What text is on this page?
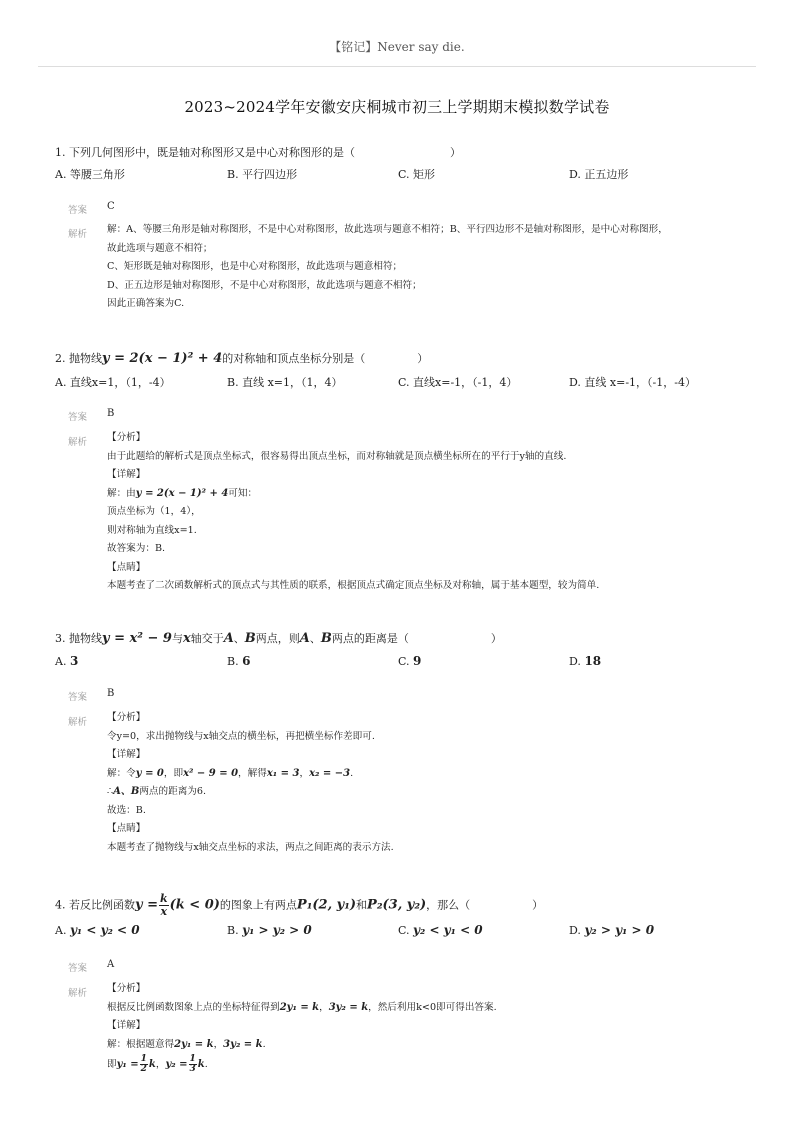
【铭记】Never say die.
2023~2024学年安徽安庆桐城市初三上学期期末模拟数学试卷
1. 下列几何图形中，既是轴对称图形又是中心对称图形的是（	）
A. 等腰三角形	B. 平行四边形	C. 矩形	D. 正五边形
答案 C
解析 解：A、等腰三角形是轴对称图形，不是中心对称图形，故此选项与题意不相符；B、平行四边形不是轴对称图形，是中心对称图形，
故此选项与题意不相符；
C、矩形既是轴对称图形，也是中心对称图形，故此选项与题意相符；
D、正五边形是轴对称图形，不是中心对称图形，故此选项与题意不相符；
因此正确答案为C.
2. 抛物线y = 2(x − 1)² + 4的对称轴和顶点坐标分别是（	）
A. 直线x=1，（1，-4）	B. 直线 x=1，（1，4）	C. 直线x=-1，（-1，4）	D. 直线 x=-1，（-1，-4）
答案 B
解析 【分析】
由于此题给的解析式是顶点坐标式，很容易得出顶点坐标，而对称轴就是顶点横坐标所在的平行于y轴的直线.
【详解】
解：由y = 2(x − 1)² + 4可知：
顶点坐标为（1，4），
则对称轴为直线x=1.
故答案为：B.
【点睛】
本题考查了二次函数解析式的顶点式与其性质的联系，根据顶点式确定顶点坐标及对称轴，属于基本题型，较为简单.
3. 抛物线y = x² − 9与x轴交于A、B两点，则A、B两点的距离是（	）
A. 3	B. 6	C. 9	D. 18
答案 B
解析 【分析】
令y=0，求出抛物线与x轴交点的横坐标，再把横坐标作差即可.
【详解】
解：令y = 0，即x² − 9 = 0，解得x₁ = 3，x₂ = −3.
∴A、B两点的距离为6.
故选：B.
【点睛】
本题考查了抛物线与x轴交点坐标的求法，两点之间距离的表示方法.
4. 若反比例函数$y = \frac{k}{x} (k < 0)$的图象上有两点P₁(2, y₁)和P₂(3, y₂)，那么（	）
A. y₁ < y₂ < 0	B. y₁ > y₂ > 0	C. y₂ < y₁ < 0	D. y₂ > y₁ > 0
答案 A
解析 【分析】
根据反比例函数图象上点的坐标特征得到2y₁ = k，3y₂ = k，然后利用k<0即可得出答案.
【详解】
解：根据题意得2y₁ = k，3y₂ = k.
即$y_1 = \frac{1}{2}$ k，$y_2 = \frac{1}{3} k$.
